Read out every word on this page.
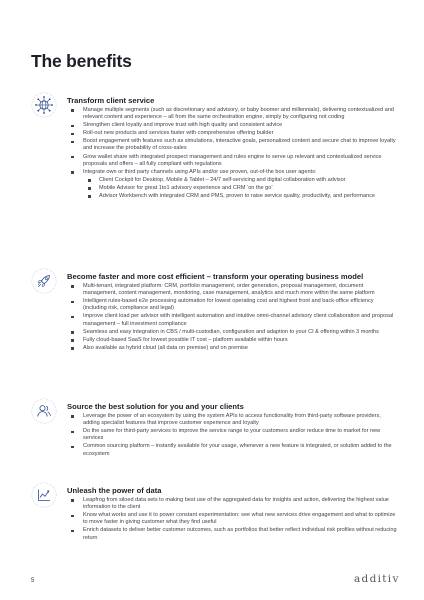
The benefits
Transform client service
Manage multiple segments (such as discretionary and advisory, or baby boomer and millennials), delivering contextualized and relevant content and experience – all from the same orchestration engine, simply by configuring not coding
Strengthen client loyalty and improve trust with high quality and consistent advice
Roll-out new products and services faster with comprehensive offering builder
Boost engagement with features such as simulations, interactive goals, personalized content and secure chat to improve loyalty and increase the probability of cross-sales
Grow wallet share with integrated prospect management and rules engine to serve up relevant and contextualized service proposals and offers – all fully compliant with regulations
Integrate own or third party channels using APIs and/or use proven, out-of-the box user agents:
Client Cockpit for Desktop, Mobile & Tablet – 24/7 self-servicing and digital collaboration with advisor
Mobile Advisor for great 1to1 advisory experience and CRM ‘on the go’
Advisor Workbench with integrated CRM and PMS, proven to raise service quality, productivity, and performance
Become faster and more cost efficient – transform your operating business model
Multi-tenant, integrated platform: CRM, portfolio management, order generation, proposal management, document management, content management, monitoring, case management, analytics and much more within the same platform
Intelligent rules-based e2e processing automation for lowest operating cost and highest front and back-office efficiency (including risk, compliance and legal)
Improve client load per advisor with intelligent automation and intuitive omni-channel advisory client collaboration and proposal management – full investment compliance
Seamless and easy integration in CBS / multi-custodian, configuration and adaption to your CI & offering within 3 months
Fully cloud-based SaaS for lowest possible IT cost – platform available within hours
Also available as hybrid cloud (all data on premise) and on premise
Source the best solution for you and your clients
Leverage the power of an ecosystem by using the system APIs to access functionality from third-party software providers, adding specialist features that improve customer experience and loyalty
Do the same for third-party services to improve the service range to your customers and/or reduce time to market for new services
Common sourcing platform – instantly available for your usage, whenever a new feature is integrated, or solution added to the ecosystem
Unleash the power of data
Leapfrog from siloed data sets to making best use of the aggregated data for insights and action, delivering the highest value information to the client
Know what works and use it to power constant experimentation: see what new services drive engagement and what to optimize to move faster in giving customer what they find useful
Enrich datasets to deliver better customer outcomes, such as portfolios that better reflect individual risk profiles without reducing return
5	additiv
